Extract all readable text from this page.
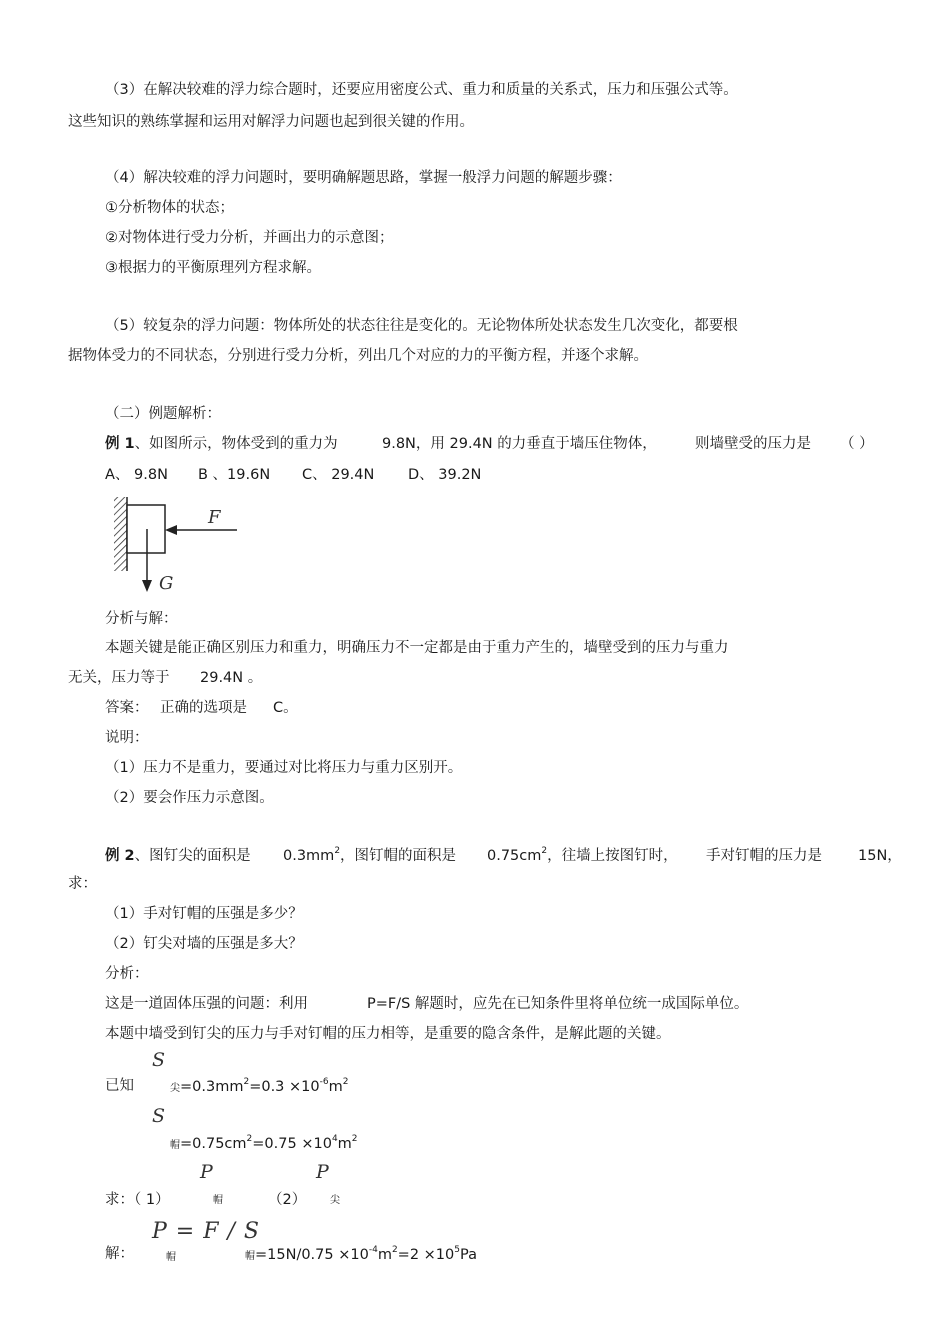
（3）在解决较难的浮力综合题时，还要应用密度公式、重力和质量的关系式，压力和压强公式等。
这些知识的熟练掌握和运用对解浮力问题也起到很关键的作用。
（4）解决较难的浮力问题时，要明确解题思路，掌握一般浮力问题的解题步骤：
①分析物体的状态；
②对物体进行受力分析，并画出力的示意图；
③根据力的平衡原理列方程求解。
（5）较复杂的浮力问题：物体所处的状态往往是变化的。无论物体所处状态发生几次变化，都要根
据物体受力的不同状态，分别进行受力分析，列出几个对应的力的平衡方程，并逐个求解。
（二）例题解析：
例 1、如图所示，物体受到的重力为	9.8N，用 29.4N 的力垂直于墙压住物体，	则墙壁受的压力是 （ ）
A、 9.8N B 、19.6N C、 29.4N D、 39.2N
F
G
分析与解：
本题关键是能正确区别压力和重力，明确压力不一定都是由于重力产生的，墙壁受到的压力与重力
无关，压力等于 29.4N 。
答案： 正确的选项是 C。
说明：
（1）压力不是重力，要通过对比将压力与重力区别开。
（2）要会作压力示意图。
例 2、图钉尖的面积是 $0.3mm^2$，图钉帽的面积是 $0.75cm^2$，往墙上按图钉时， 手对钉帽的压力是 15N，
求：
（1）手对钉帽的压强是多少？
（2）钉尖对墙的压强是多大？
分析：
这是一道固体压强的问题：利用	P=F/S 解题时，应先在已知条件里将单位统一成国际单位。
本题中墙受到钉尖的压力与手对钉帽的压力相等，是重要的隐含条件，是解此题的关键。
S
已知	尖$=0.3mm^2=0.3 \times 10^{-6}m^2$
S
帽$=0.75cm^2=0.75 \times 10^4m^2$
P	P
求：（ 1）	帽	（2） 尖
解：
P = F / S
帽	帽$=15N/0.75 \times 10^{-4}m^2=2 \times 10^5Pa$
